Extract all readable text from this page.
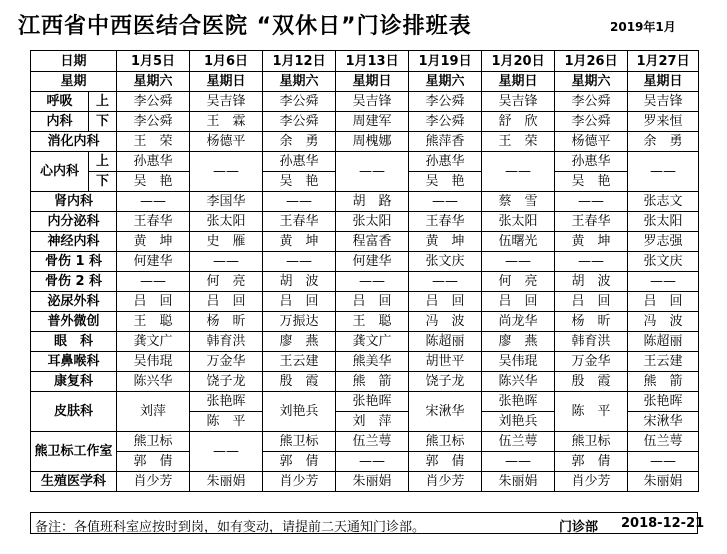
江西省中西医结合医院 “双休日”门诊排班表	2019年1月
日期		1月5日	1月6日	1月12日	1月13日	1月19日	1月20日	1月26日	1月27日
星期		星期六	星期日	星期六	星期日	星期六	星期日	星期六	星期日
呼吸	上	李公舜	吴吉锋	李公舜	吴吉锋	李公舜	吴吉锋	李公舜	吴吉锋
内科	下	李公舜	王　霖	李公舜	周建军	李公舜	舒　欣	李公舜	罗来恒
消化内科		王　荣	杨德平	余　勇	周槐娜	熊萍香	王　荣	杨德平	余　勇
心内科	上	孙惠华	——	孙惠华	——	孙惠华	——	孙惠华	——
	下	吴　艳		吴　艳		吴　艳		吴　艳	
肾内科		——	李国华	——	胡　路	——	蔡　雪	——	张志文
内分泌科		王春华	张太阳	王春华	张太阳	王春华	张太阳	王春华	张太阳
神经内科		黄　坤	史　雁	黄　坤	程富香	黄　坤	伍曙光	黄　坤	罗志强
骨伤 1 科		何建华	——	——	何建华	张文庆	——	——	张文庆
骨伤 2 科		——	何　亮	胡　波	——	——	何　亮	胡　波	——
泌尿外科		吕　回	吕　回	吕　回	吕　回	吕　回	吕　回	吕　回	吕　回
普外微创		王　聪	杨　昕	万振达	王　聪	冯　波	尚龙华	杨　昕	冯　波
眼　科		龚文广	韩育洪	廖　燕	龚文广	陈超丽	廖　燕	韩育洪	陈超丽
耳鼻喉科		吴伟琨	万金华	王云建	熊美华	胡世平	吴伟琨	万金华	王云建
康复科		陈兴华	饶子龙	殷　霞	熊　箭	饶子龙	陈兴华	殷　霞	熊　箭
皮肤科		刘萍	张艳晖	刘艳兵	张艳晖	宋湫华	张艳晖	陈　平	张艳晖
			陈　平		刘　萍		刘艳兵		宋湫华
熊卫标工作室		熊卫标	——	熊卫标	伍兰萼	熊卫标	伍兰萼	熊卫标	伍兰萼
		郭　倩		郭　倩	——	郭　倩	——	郭　倩	——
生殖医学科		肖少芳	朱丽娟	肖少芳	朱丽娟	肖少芳	朱丽娟	肖少芳	朱丽娟
备注：各值班科室应按时到岗，如有变动，请提前二天通知门诊部。	门诊部 2018-12-21
